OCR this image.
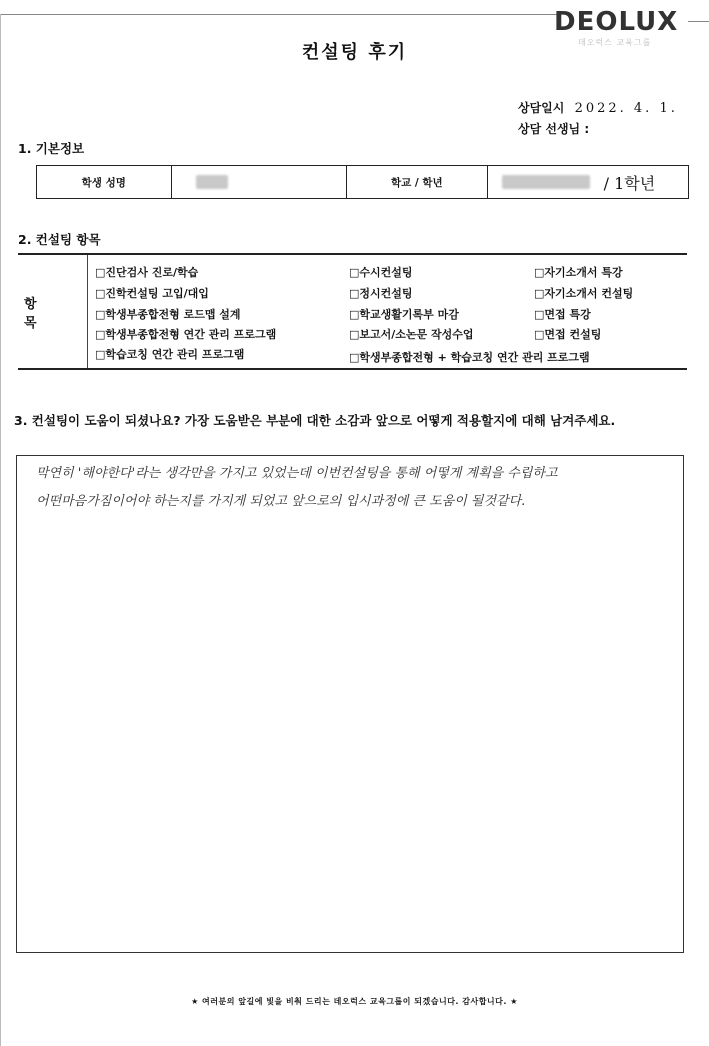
DEOLUX
데오럭스 교육그룹
컨설팅 후기
상담일시 2022. 4. 1.
상담 선생님 :
1. 기본정보
학생 성명	학교 / 학년	/ 1학년
2. 컨설팅 항목
항 목
□진단검사 진로/학습
□진학컨설팅 고입/대입
□학생부종합전형 로드맵 설계
□학생부종합전형 연간 관리 프로그램
□학습코칭 연간 관리 프로그램
□수시컨설팅
□정시컨설팅
□학교생활기록부 마감
□보고서/소논문 작성수업
□학생부종합전형 + 학습코칭 연간 관리 프로그램
□자기소개서 특강
□자기소개서 컨설팅
□면접 특강
□면접 컨설팅
3. 컨설팅이 도움이 되셨나요? 가장 도움받은 부분에 대한 소감과 앞으로 어떻게 적용할지에 대해 남겨주세요.
막연히 '해야한다'라는 생각만을 가지고 있었는데 이번컨설팅을 통해 어떻게 계획을 수립하고
어떤마음가짐이어야 하는지를 가지게 되었고 앞으로의 입시과정에 큰 도움이 될것같다.
★ 여러분의 앞길에 빛을 비춰 드리는 데오럭스 교육그룹이 되겠습니다. 감사합니다. ★
